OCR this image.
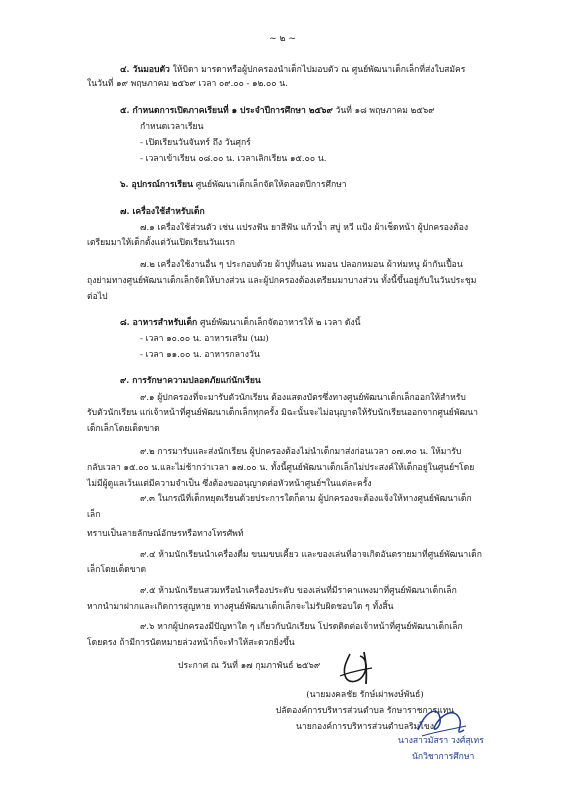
~ ๒ ~
๔. วันมอบตัว ให้บิดา มารดาหรือผู้ปกครองนำเด็กไปมอบตัว ณ ศูนย์พัฒนาเด็กเล็กที่ส่งใบสมัคร
ในวันที่ ๑๙ พฤษภาคม ๒๕๖๙ เวลา ๐๙.๐๐ - ๑๒.๐๐ น.
๕. กำหนดการเปิดภาคเรียนที่ ๑ ประจำปีการศึกษา ๒๕๖๙ วันที่ ๑๘ พฤษภาคม ๒๕๖๙
กำหนดเวลาเรียน
- เปิดเรียนวันจันทร์ ถึง วันศุกร์
- เวลาเข้าเรียน ๐๘.๐๐ น. เวลาเลิกเรียน ๑๕.๐๐ น.
๖. อุปกรณ์การเรียน ศูนย์พัฒนาเด็กเล็กจัดให้ตลอดปีการศึกษา
๗. เครื่องใช้สำหรับเด็ก
๗.๑ เครื่องใช้ส่วนตัว เช่น แปรงฟัน ยาสีฟัน แก้วน้ำ สบู่ หวี แป้ง ผ้าเช็ดหน้า ผู้ปกครองต้อง
เตรียมมาให้เด็กตั้งแต่วันเปิดเรียนวันแรก
๗.๒ เครื่องใช้งานอื่น ๆ ประกอบด้วย ผ้าปูที่นอน หมอน ปลอกหมอน ผ้าห่มหนู ผ้ากันเปื้อน
ถุงย่ามทางศูนย์พัฒนาเด็กเล็กจัดให้บางส่วน และผู้ปกครองต้องเตรียมมาบางส่วน ทั้งนี้ขึ้นอยู่กับในวันประชุม
ต่อไป
๘. อาหารสำหรับเด็ก ศูนย์พัฒนาเด็กเล็กจัดอาหารให้ ๒ เวลา ดังนี้
- เวลา ๑๐.๐๐ น. อาหารเสริม (นม)
- เวลา ๑๑.๐๐ น. อาหารกลางวัน
๙. การรักษาความปลอดภัยแก่นักเรียน
๙.๑ ผู้ปกครองที่จะมารับตัวนักเรียน ต้องแสดงบัตรซึ่งทางศูนย์พัฒนาเด็กเล็กออกให้สำหรับ
รับตัวนักเรียน แก่เจ้าหน้าที่ศูนย์พัฒนาเด็กเล็กทุกครั้ง มิฉะนั้นจะไม่อนุญาตให้รับนักเรียนออกจากศูนย์พัฒนา
เด็กเล็กโดยเด็ดขาด
๙.๒ การมารับและส่งนักเรียน ผู้ปกครองต้องไม่นำเด็กมาส่งก่อนเวลา ๐๗.๓๐ น. ให้มารับ
กลับเวลา ๑๕.๐๐ น.และไม่ช้ากว่าเวลา ๑๗.๐๐ น. ทั้งนี้ศูนย์พัฒนาเด็กเล็กไม่ประสงค์ให้เด็กอยู่ในศูนย์ฯโดย
ไม่มีผู้ดูแลเว้นแต่มีความจำเป็น ซึ่งต้องขออนุญาตต่อหัวหน้าศูนย์ฯในแต่ละครั้ง
๙.๓ ในกรณีที่เด็กหยุดเรียนด้วยประการใดก็ตาม ผู้ปกครองจะต้องแจ้งให้ทางศูนย์พัฒนาเด็ก
เล็ก
ทราบเป็นลายลักษณ์อักษรหรือทางโทรศัพท์
๙.๔ ห้ามนักเรียนนำเครื่องดื่ม ขนมขบเคี้ยว และของเล่นที่อาจเกิดอันตรายมาที่ศูนย์พัฒนาเด็ก
เล็กโดยเด็ดขาด
๙.๕ ห้ามนักเรียนสวมหรือนำเครื่องประดับ ของเล่นที่มีราคาแพงมาที่ศูนย์พัฒนาเด็กเล็ก
หากนำมาฝากและเกิดการสูญหาย ทางศูนย์พัฒนาเด็กเล็กจะไม่รับผิดชอบใด ๆ ทั้งสิ้น
๙.๖ หากผู้ปกครองมีปัญหาใด ๆ เกี่ยวกับนักเรียน โปรดติดต่อเจ้าหน้าที่ศูนย์พัฒนาเด็กเล็ก
โดยตรง ถ้ามีการนัดหมายล่วงหน้าก็จะทำให้สะดวกยิ่งขึ้น
ประกาศ ณ วันที่ ๑๗ กุมภาพันธ์ ๒๕๖๙
(นายมงคลชัย รักษ์เผ่าพงษ์พันธ์)
ปลัดองค์การบริหารส่วนตำบล รักษาราชการแทน
นายกองค์การบริหารส่วนตำบลริมโขง
นางสาวมัสรา วงศ์สุเทร
นักวิชาการศึกษา
